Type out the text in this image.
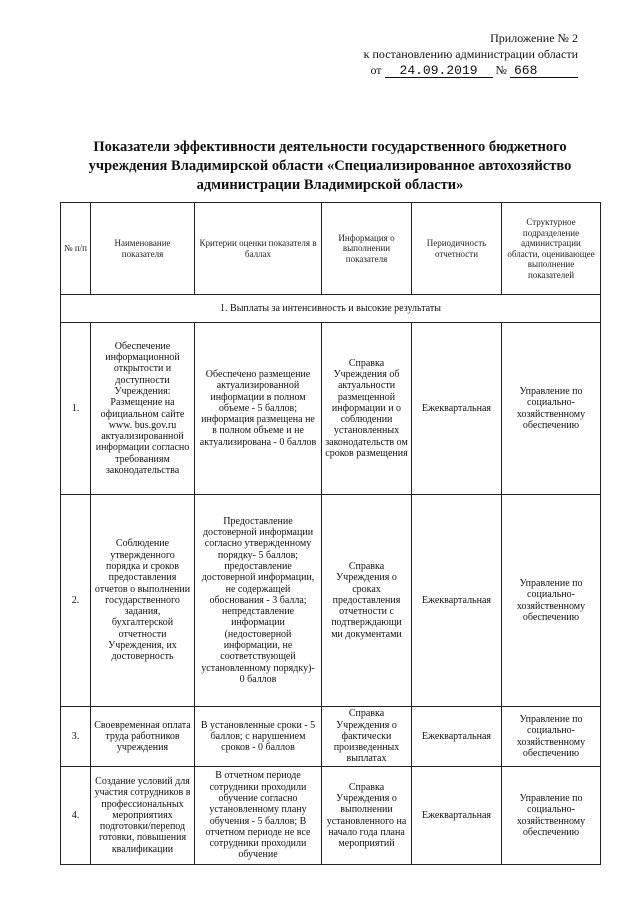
Приложение № 2
к постановлению администрации области
от 24.09.2019 № 668
Показатели эффективности деятельности государственного бюджетного учреждения Владимирской области «Специализированное автохозяйство администрации Владимирской области»
№ п/п	Наименование показателя	Критерии оценки показателя в баллах	Информация о выполнении показателя	Периодичность отчетности	Структурное подразделение администрации области, оценивающее выполнение показателей
1. Выплаты за интенсивность и высокие результаты					
1.	Обеспечение информационной открытости и доступности Учреждения: Размещение на официальном сайте www. bus.gov.ru актуализированной информации согласно требованиям законодательства	Обеспечено размещение актуализированной информации в полном объеме - 5 баллов; информация размещена не в полном объеме и не актуализирована - 0 баллов	Справка Учреждения об актуальности размещенной информации и о соблюдении установленных законодательств ом сроков размещения	Ежеквартальная	Управление по социально-хозяйственному обеспечению
2.	Соблюдение утвержденного порядка и сроков предоставления отчетов о выполнении государственного задания, бухгалтерской отчетности Учреждения, их достоверность	Предоставление достоверной информации согласно утвержденному порядку- 5 баллов; предоставление достоверной информации, не содержащей обоснования - 3 балла; непредставление информации (недостоверной информации, не соответствующей установленному порядку)- 0 баллов	Справка Учреждения о сроках предоставления отчетности с подтверждающи ми документами	Ежеквартальная	Управление по социально-хозяйственному обеспечению
3.	Своевременная оплата труда работников учреждения	В установленные сроки - 5 баллов; с нарушением сроков - 0 баллов	Справка Учреждения о фактически произведенных выплатах	Ежеквартальная	Управление по социально-хозяйственному обеспечению
4.	Создание условий для участия сотрудников в профессиональных мероприятиях подготовки/перепод готовки, повышения квалификации	В отчетном периоде сотрудники проходили обучение согласно установленному плану обучения - 5 баллов; В отчетном периоде не все сотрудники проходили обучение	Справка Учреждения о выполнении установленного на начало года плана мероприятий	Ежеквартальная	Управление по социально-хозяйственному обеспечению
